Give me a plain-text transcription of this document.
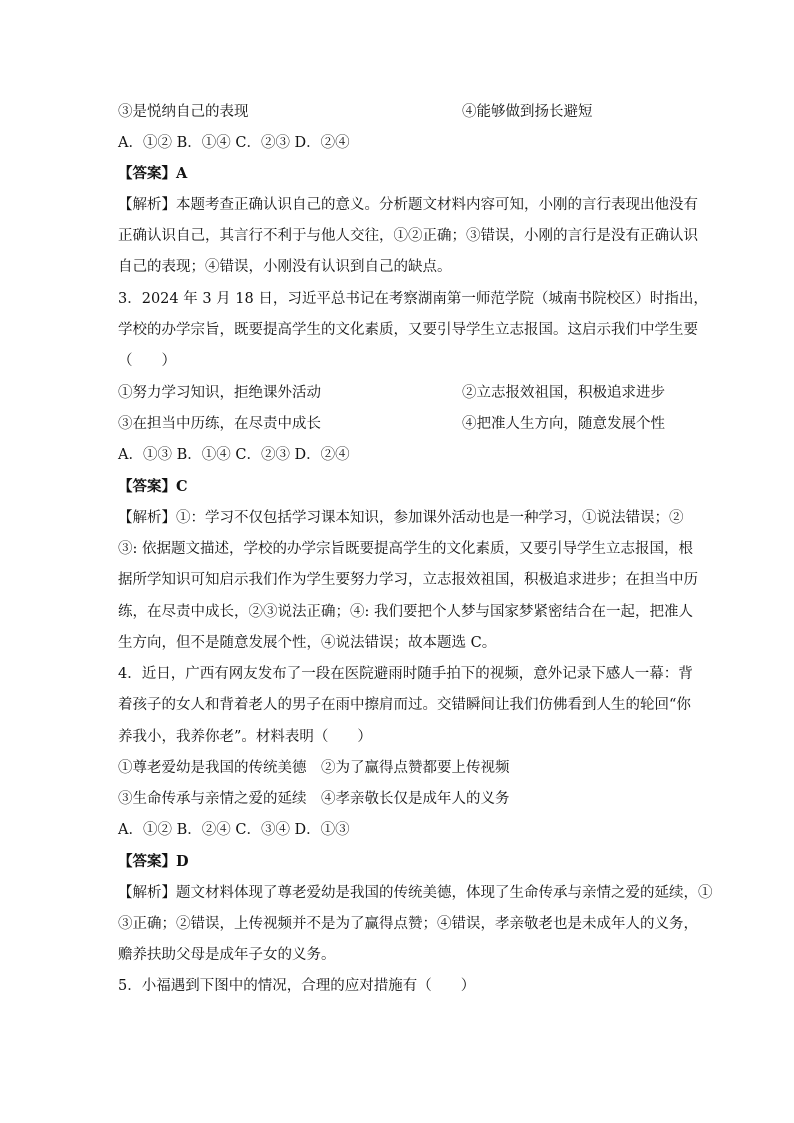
③是悦纳自己的表现	④能够做到扬长避短
A．①② B．①④ C．②③ D．②④
【答案】A
【解析】本题考查正确认识自己的意义。分析题文材料内容可知，小刚的言行表现出他没有
正确认识自己，其言行不利于与他人交往，①②正确；③错误，小刚的言行是没有正确认识
自己的表现；④错误，小刚没有认识到自己的缺点。
3．2024 年 3 月 18 日，习近平总书记在考察湖南第一师范学院（城南书院校区）时指出，
学校的办学宗旨，既要提高学生的文化素质，又要引导学生立志报国。这启示我们中学生要
（　　）
①努力学习知识，拒绝课外活动	②立志报效祖国，积极追求进步
③在担当中历练，在尽责中成长	④把准人生方向，随意发展个性
A．①③ B．①④ C．②③ D．②④
【答案】C
【解析】①：学习不仅包括学习课本知识，参加课外活动也是一种学习，①说法错误；②
③: 依据题文描述，学校的办学宗旨既要提高学生的文化素质，又要引导学生立志报国，根
据所学知识可知启示我们作为学生要努力学习，立志报效祖国，积极追求进步；在担当中历
练，在尽责中成长，②③说法正确；④: 我们要把个人梦与国家梦紧密结合在一起，把准人
生方向，但不是随意发展个性，④说法错误；故本题选 C。
4．近日，广西有网友发布了一段在医院避雨时随手拍下的视频，意外记录下感人一幕：背
着孩子的女人和背着老人的男子在雨中擦肩而过。交错瞬间让我们仿佛看到人生的轮回“你
养我小，我养你老”。材料表明（　　）
①尊老爱幼是我国的传统美德　②为了赢得点赞都要上传视频
③生命传承与亲情之爱的延续　④孝亲敬长仅是成年人的义务
A．①② B．②④ C．③④ D．①③
【答案】D
【解析】题文材料体现了尊老爱幼是我国的传统美德，体现了生命传承与亲情之爱的延续，①
③正确；②错误，上传视频并不是为了赢得点赞；④错误，孝亲敬老也是未成年人的义务，
赡养扶助父母是成年子女的义务。
5．小福遇到下图中的情况，合理的应对措施有（　　）
